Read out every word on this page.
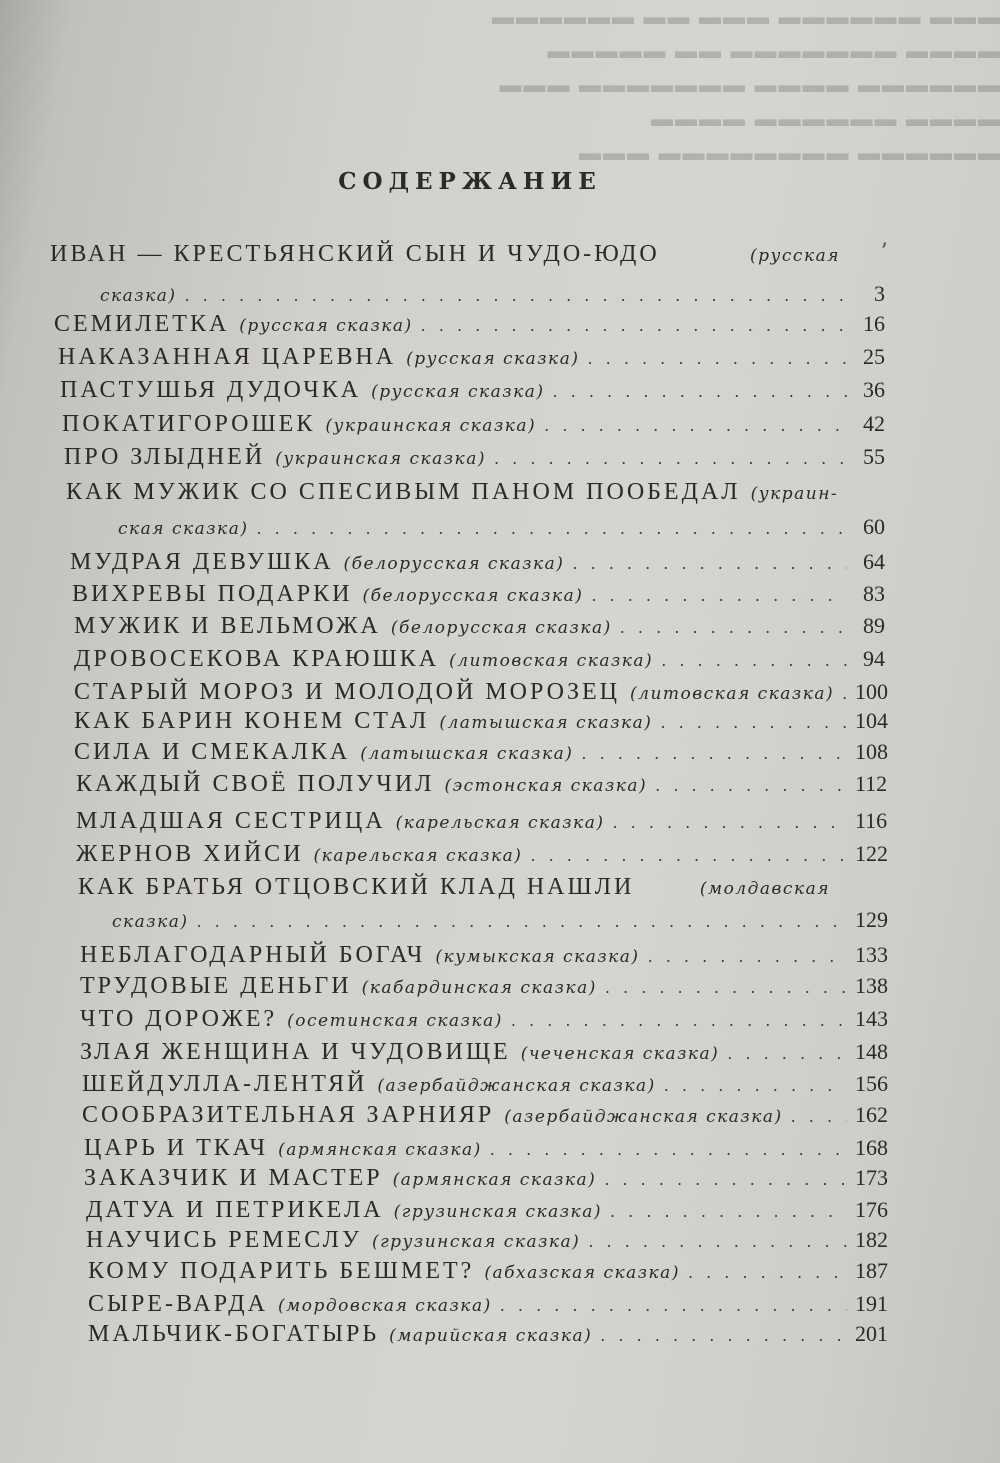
▬▬▬ ▬▬▬▬▬▬ ▬▬▬ ▬▬ ▬▬▬▬▬▬
▬▬▬▬ ▬▬▬▬▬▬▬ ▬▬ ▬▬▬▬▬
▬▬▬▬▬▬ ▬▬▬▬ ▬▬▬▬▬▬▬ ▬▬▬
▬▬▬▬ ▬▬▬▬▬▬ ▬▬▬▬
▬▬▬▬▬▬ ▬▬▬▬▬▬▬▬ ▬▬▬
СОДЕРЖАНИЕ
ИВАН — КРЕСТЬЯНСКИЙ СЫН И ЧУДО-ЮДО	(русская
сказка) . . .	3
СЕМИЛЕТКА (русская сказка) . . .	16
НАКАЗАННАЯ ЦАРЕВНА (русская сказка) . . .	25
ПАСТУШЬЯ ДУДОЧКА (русская сказка) . . .	36
ПОКАТИГОРОШЕК (украинская сказка) . . .	42
ПРО ЗЛЫДНЕЙ (украинская сказка) . . .	55
КАК МУЖИК СО СПЕСИВЫМ ПАНОМ ПООБЕДАЛ (украин-
ская сказка) . . .	60
МУДРАЯ ДЕВУШКА (белорусская сказка) . . .	64
ВИХРЕВЫ ПОДАРКИ (белорусская сказка) . . .	83
МУЖИК И ВЕЛЬМОЖА (белорусская сказка) . . .	89
ДРОВОСЕКОВА КРАЮШКА (литовская сказка) . . .	94
СТАРЫЙ МОРОЗ И МОЛОДОЙ МОРОЗЕЦ (литовская сказка) . . . 100
КАК БАРИН КОНЕМ СТАЛ (латышская сказка) . . .	104
СИЛА И СМЕКАЛКА (латышская сказка) . . .	108
КАЖДЫЙ СВОЁ ПОЛУЧИЛ (эстонская сказка) . . .	112
МЛАДШАЯ СЕСТРИЦА (карельская сказка) . . .	116
ЖЕРНОВ ХИЙСИ (карельская сказка) . . .	122
КАК БРАТЬЯ ОТЦОВСКИЙ КЛАД НАШЛИ	(молдавская
сказка) . . .	129
НЕБЛАГОДАРНЫЙ БОГАЧ (кумыкская сказка) . . .	133
ТРУДОВЫЕ ДЕНЬГИ (кабардинская сказка) . . .	138
ЧТО ДОРОЖЕ? (осетинская сказка) . . .	143
ЗЛАЯ ЖЕНЩИНА И ЧУДОВИЩЕ (чеченская сказка) . . .	148
ШЕЙДУЛЛА-ЛЕНТЯЙ (азербайджанская сказка) . . .	156
СООБРАЗИТЕЛЬНАЯ ЗАРНИЯР (азербайджанская сказка) . . .	162
ЦАРЬ И ТКАЧ (армянская сказка) . . .	168
ЗАКАЗЧИК И МАСТЕР (армянская сказка) . . .	173
ДАТУА И ПЕТРИКЕЛА (грузинская сказка) . . .	176
НАУЧИСЬ РЕМЕСЛУ (грузинская сказка) . . .	182
КОМУ ПОДАРИТЬ БЕШМЕТ? (абхазская сказка) . . .	187
СЫРЕ-ВАРДА (мордовская сказка) . . .	191
МАЛЬЧИК-БОГАТЫРЬ (марийская сказка) . . .	201
ʼ
